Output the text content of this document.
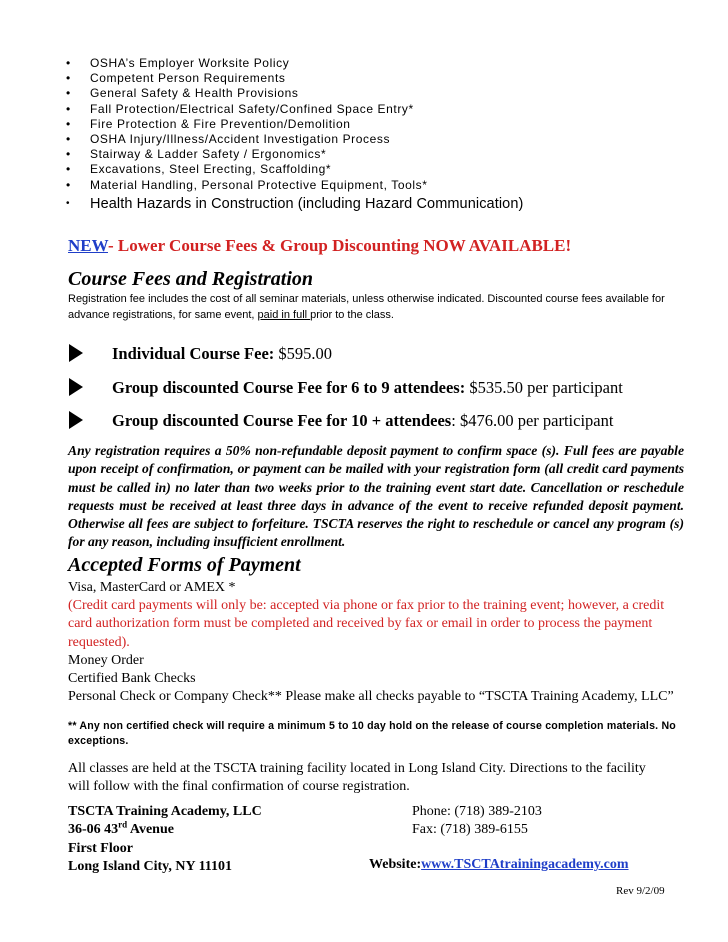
•	OSHA’s Employer Worksite Policy
•	Competent Person Requirements
•	General Safety & Health Provisions
•	Fall Protection/Electrical Safety/Confined Space Entry*
•	Fire Protection & Fire Prevention/Demolition
•	OSHA Injury/Illness/Accident Investigation Process
•	Stairway & Ladder Safety / Ergonomics*
•	Excavations, Steel Erecting, Scaffolding*
•	Material Handling, Personal Protective Equipment, Tools*
•	Health Hazards in Construction (including Hazard Communication)
NEW- Lower Course Fees & Group Discounting NOW AVAILABLE!
Course Fees and Registration
Registration fee includes the cost of all seminar materials, unless otherwise indicated. Discounted course fees available for advance registrations, for same event, paid in full prior to the class.
Individual Course Fee: $595.00
Group discounted Course Fee for 6 to 9 attendees: $535.50 per participant
Group discounted Course Fee for 10 + attendees: $476.00 per participant
Any registration requires a 50% non-refundable deposit payment to confirm space (s). Full fees are payable upon receipt of confirmation, or payment can be mailed with your registration form (all credit card payments must be called in) no later than two weeks prior to the training event start date. Cancellation or reschedule requests must be received at least three days in advance of the event to receive refunded deposit payment. Otherwise all fees are subject to forfeiture. TSCTA reserves the right to reschedule or cancel any program (s) for any reason, including insufficient enrollment.
Accepted Forms of Payment
Visa, MasterCard or AMEX *
(Credit card payments will only be: accepted via phone or fax prior to the training event; however, a credit card authorization form must be completed and received by fax or email in order to process the payment requested).
Money Order
Certified Bank Checks
Personal Check or Company Check** Please make all checks payable to “TSCTA Training Academy, LLC”
** Any non certified check will require a minimum 5 to 10 day hold on the release of course completion materials. No exceptions.
All classes are held at the TSCTA training facility located in Long Island City. Directions to the facility will follow with the final confirmation of course registration.
TSCTA Training Academy, LLC
36-06 43rd Avenue
First Floor
Long Island City, NY 11101
Phone: (718) 389-2103
Fax: (718) 389-6155
Website:www.TSCTAtrainingacademy.com
Rev 9/2/09
